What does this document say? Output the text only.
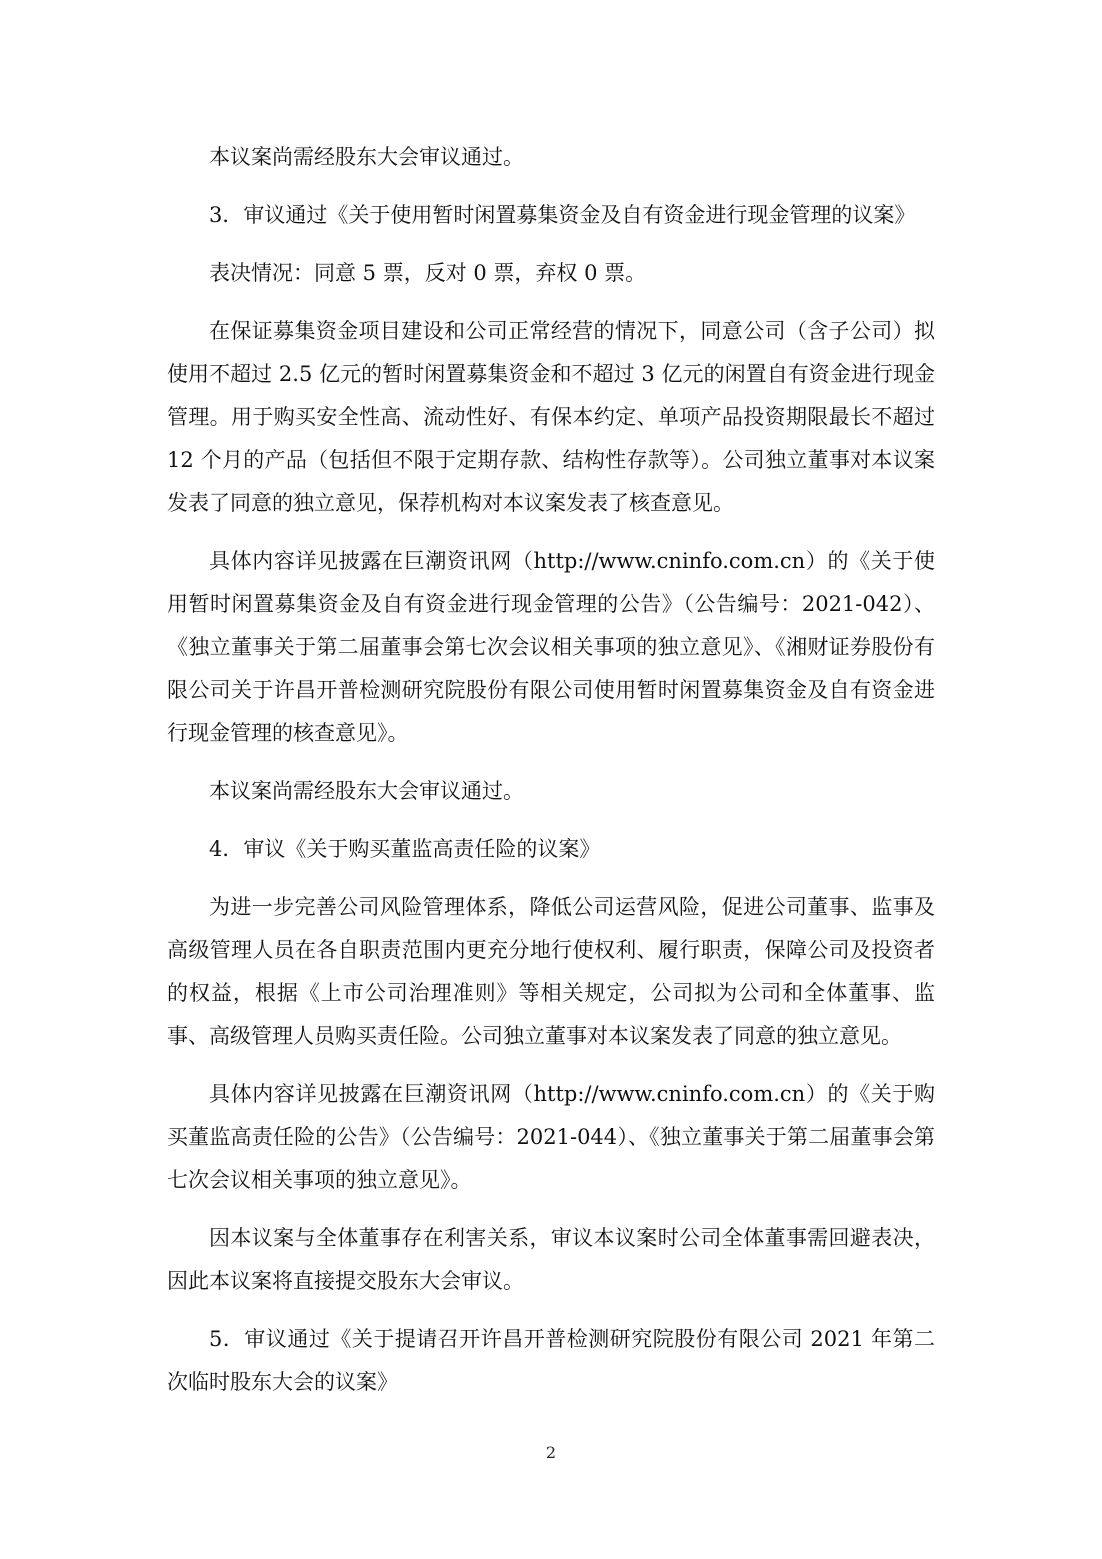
本议案尚需经股东大会审议通过。

3．审议通过《关于使用暂时闲置募集资金及自有资金进行现金管理的议案》

表决情况：同意 5 票，反对 0 票，弃权 0 票。

在保证募集资金项目建设和公司正常经营的情况下，同意公司（含子公司）拟使用不超过 2.5 亿元的暂时闲置募集资金和不超过 3 亿元的闲置自有资金进行现金管理。用于购买安全性高、流动性好、有保本约定、单项产品投资期限最长不超过 12 个月的产品（包括但不限于定期存款、结构性存款等）。公司独立董事对本议案发表了同意的独立意见，保荐机构对本议案发表了核查意见。

具体内容详见披露在巨潮资讯网（http://www.cninfo.com.cn）的《关于使用暂时闲置募集资金及自有资金进行现金管理的公告》（公告编号：2021-042）、《独立董事关于第二届董事会第七次会议相关事项的独立意见》、《湘财证券股份有限公司关于许昌开普检测研究院股份有限公司使用暂时闲置募集资金及自有资金进行现金管理的核查意见》。

本议案尚需经股东大会审议通过。

4．审议《关于购买董监高责任险的议案》

为进一步完善公司风险管理体系，降低公司运营风险，促进公司董事、监事及高级管理人员在各自职责范围内更充分地行使权利、履行职责，保障公司及投资者的权益，根据《上市公司治理准则》等相关规定，公司拟为公司和全体董事、监事、高级管理人员购买责任险。公司独立董事对本议案发表了同意的独立意见。

具体内容详见披露在巨潮资讯网（http://www.cninfo.com.cn）的《关于购买董监高责任险的公告》（公告编号：2021-044）、《独立董事关于第二届董事会第七次会议相关事项的独立意见》。

因本议案与全体董事存在利害关系，审议本议案时公司全体董事需回避表决，因此本议案将直接提交股东大会审议。

5．审议通过《关于提请召开许昌开普检测研究院股份有限公司 2021 年第二次临时股东大会的议案》

2
